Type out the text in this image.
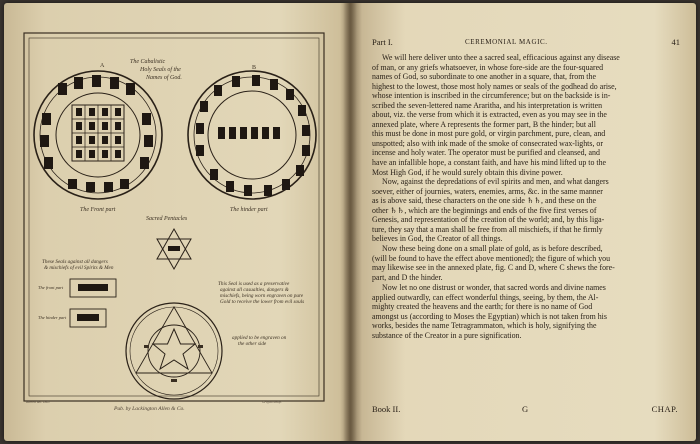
The Cabalistic
Holy Seals of the
Names of God.
A	B
The Front part	The hinder part
Sacred Pentacles
These Seals against all dangers
& mischiefs of evil Spirits & Men
The front part
The hinder part
This Seal is used as a preservative
against all casualties, dangers &
mischiefs, being worn engraven on pure
Gold to receive the lower from evil souls
applied to be engraven on
the other side
Barrett del. 1801	Griffith sculp.
Pub. by Lackington Allen & Co.
Part I.	CEREMONIAL MAGIC.	41

We will here deliver unto thee a sacred seal, efficacious against any disease
of man, or any griefs whatsoever, in whose fore-side are the four-squared
names of God, so subordinate to one another in a square, that, from the
highest to the lowest, those most holy names or seals of the godhead do arise,
whose intention is inscribed in the circumference; but on the backside is in-
scribed the seven-lettered name Araritha, and his interpretation is written
about, viz. the verse from which it is extracted, even as you may see in the
annexed plate, where A represents the former part, B the hinder; but all
this must be done in most pure gold, or virgin parchment, pure, clean, and
unspotted; also with ink made of the smoke of consecrated wax-lights, or
incense and holy water. The operator must be purified and cleansed, and
have an infallible hope, a constant faith, and have his mind lifted up to the
Most High God, if he would surely obtain this divine power.

Now, against the depredations of evil spirits and men, and what dangers
soever, either of journies, waters, enemies, arms, &c. in the same manner
as is above said, these characters on the one side ♄♄, and these on the
other ♄♄, which are the beginnings and ends of the five first verses of
Genesis, and representation of the creation of the world; and, by this liga-
ture, they say that a man shall be free from all mischiefs, if that he firmly
believes in God, the Creator of all things.

Now these being done on a small plate of gold, as is before described,
(will be found to have the effect above mentioned); the figure of which you
may likewise see in the annexed plate, fig. C and D, where C shews the fore-
part, and D the hinder.

Now let no one distrust or wonder, that sacred words and divine names
applied outwardly, can effect wonderful things, seeing, by them, the Al-
mighty created the heavens and the earth; for there is no name of God
amongst us (according to Moses the Egyptian) which is not taken from his
works, besides the name Tetragrammaton, which is holy, signifying the
substance of the Creator in a pure signification.

Book II.	G	CHAP.
